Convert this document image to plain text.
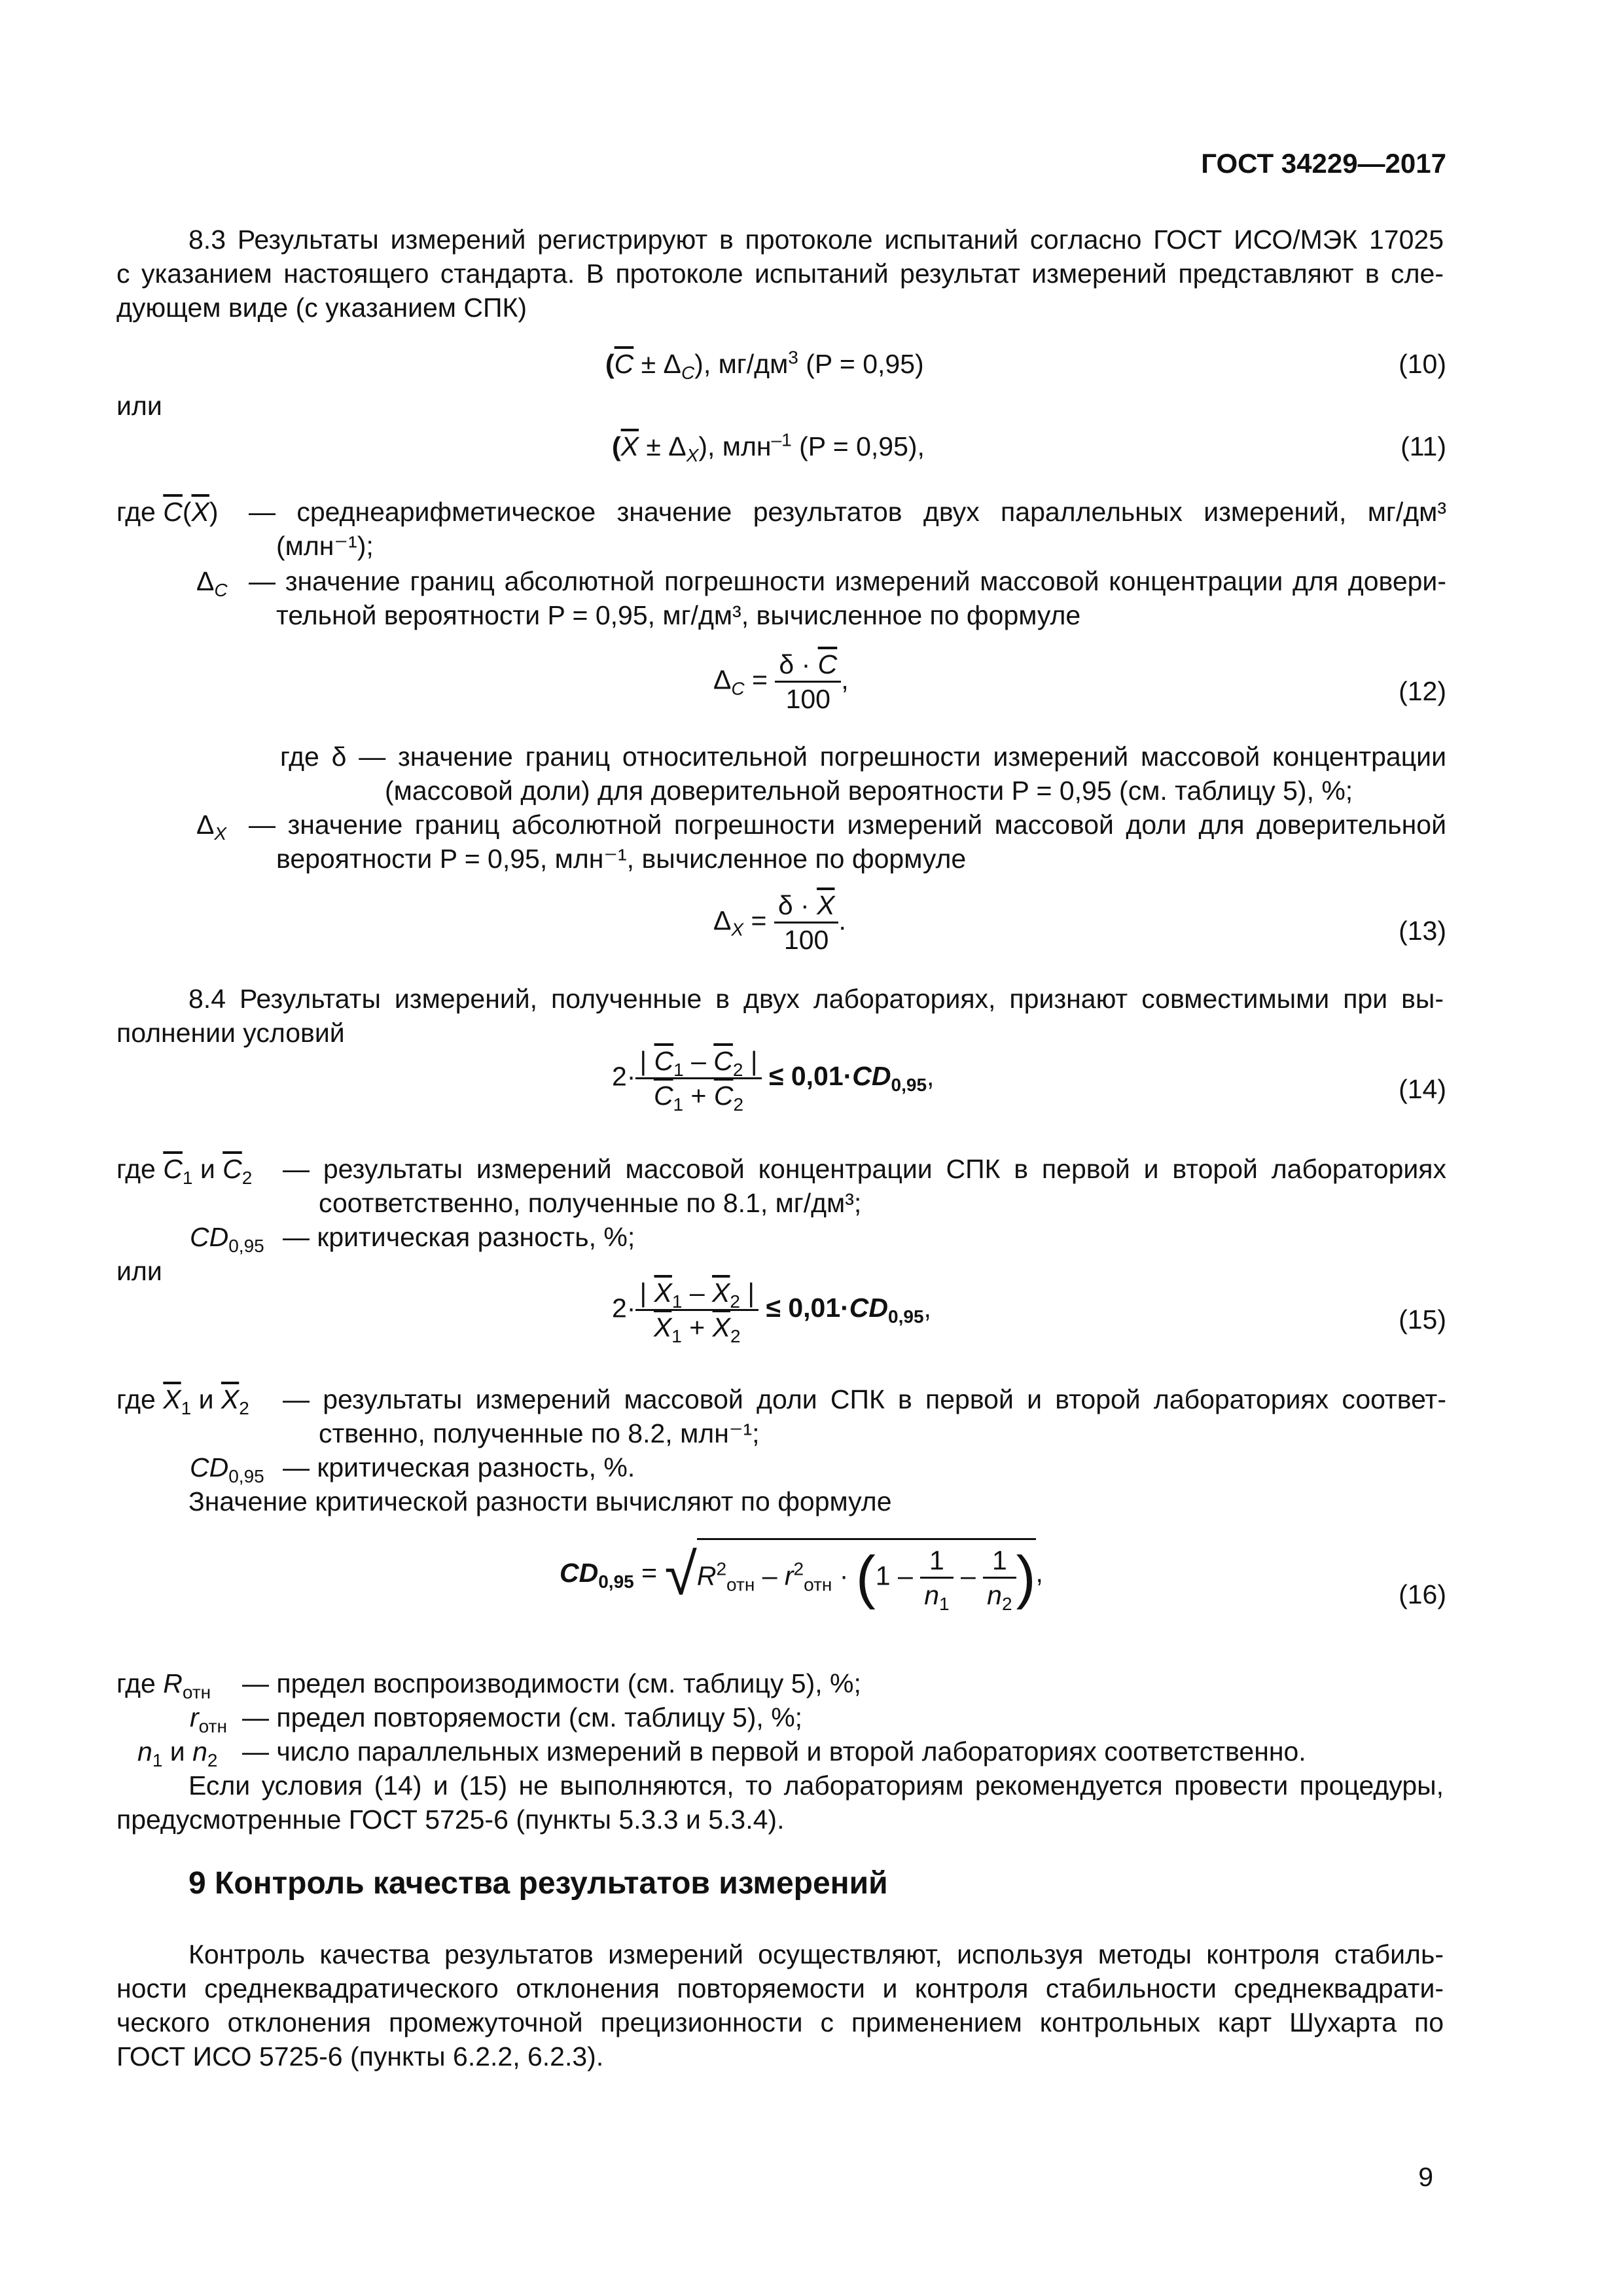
ГОСТ 34229—2017
8.3 Результаты измерений регистрируют в протоколе испытаний согласно ГОСТ ИСО/МЭК 17025
с указанием настоящего стандарта. В протоколе испытаний результат измерений представляют в сле-
дующем виде (с указанием СПК)
$(\overline{C} \pm \Delta_C)$, $мг/дм^3$ (P = 0,95)	(10)
или
$(\overline{X} \pm \Delta_X)$, млн$^{-1}$ (P = 0,95),	(11)
где $\overline{C}(\overline{X})$ — среднеарифметическое значение результатов двух параллельных измерений, мг/дм³
(млн⁻¹);
$\Delta_C$ — значение границ абсолютной погрешности измерений массовой концентрации для довери-
тельной вероятности P = 0,95, мг/дм³, вычисленное по формуле
$\Delta_C = \frac{\delta \cdot \overline{C}}{100}$ ,	(12)
где δ — значение границ относительной погрешности измерений массовой концентрации
(массовой доли) для доверительной вероятности P = 0,95 (см. таблицу 5), %;
$\Delta_X$ — значение границ абсолютной погрешности измерений массовой доли для доверительной
вероятности P = 0,95, млн⁻¹, вычисленное по формуле
$\Delta_X = \frac{\delta \cdot \overline{X}}{100}$ .	(13)
8.4 Результаты измерений, полученные в двух лабораториях, признают совместимыми при вы-
полнении условий
$2\cdot \frac{| \overline{C}_1 - \overline{C}_2 |}{\overline{C}_1 + \overline{C}_2} \le 0,01\cdot CD_{0,95}$,	(14)
где $\overline{C}_1$ и $\overline{C}_2$ — результаты измерений массовой концентрации СПК в первой и второй лабораториях
соответственно, полученные по 8.1, мг/дм³;
$CD_{0,95}$ — критическая разность, %;
или
$2\cdot \frac{| \overline{X}_1 - \overline{X}_2 |}{\overline{X}_1 + \overline{X}_2} \le 0,01\cdot CD_{0,95}$,	(15)
где $\overline{X}_1$ и $\overline{X}_2$ — результаты измерений массовой доли СПК в первой и второй лабораториях соответ-
ственно, полученные по 8.2, млн⁻¹;
$CD_{0,95}$ — критическая разность, %.
Значение критической разности вычисляют по формуле
$CD_{0,95} = √R^2_{отн} - r^2_{отн} \cdot (1 - \frac{1}{n_1} - \frac{1}{n_2}$ ),
(16)
где $R_{отн}$ — предел воспроизводимости (см. таблицу 5), %;
$r_{отн}$ — предел повторяемости (см. таблицу 5), %;
$n_1$ и $n_2$ — число параллельных измерений в первой и второй лабораториях соответственно.
Если условия (14) и (15) не выполняются, то лабораториям рекомендуется провести процедуры,
предусмотренные ГОСТ 5725-6 (пункты 5.3.3 и 5.3.4).
9 Контроль качества результатов измерений
Контроль качества результатов измерений осуществляют, используя методы контроля стабиль-
ности среднеквадратического отклонения повторяемости и контроля стабильности среднеквадрати-
ческого отклонения промежуточной прецизионности с применением контрольных карт Шухарта по
ГОСТ ИСО 5725-6 (пункты 6.2.2, 6.2.3).
9
